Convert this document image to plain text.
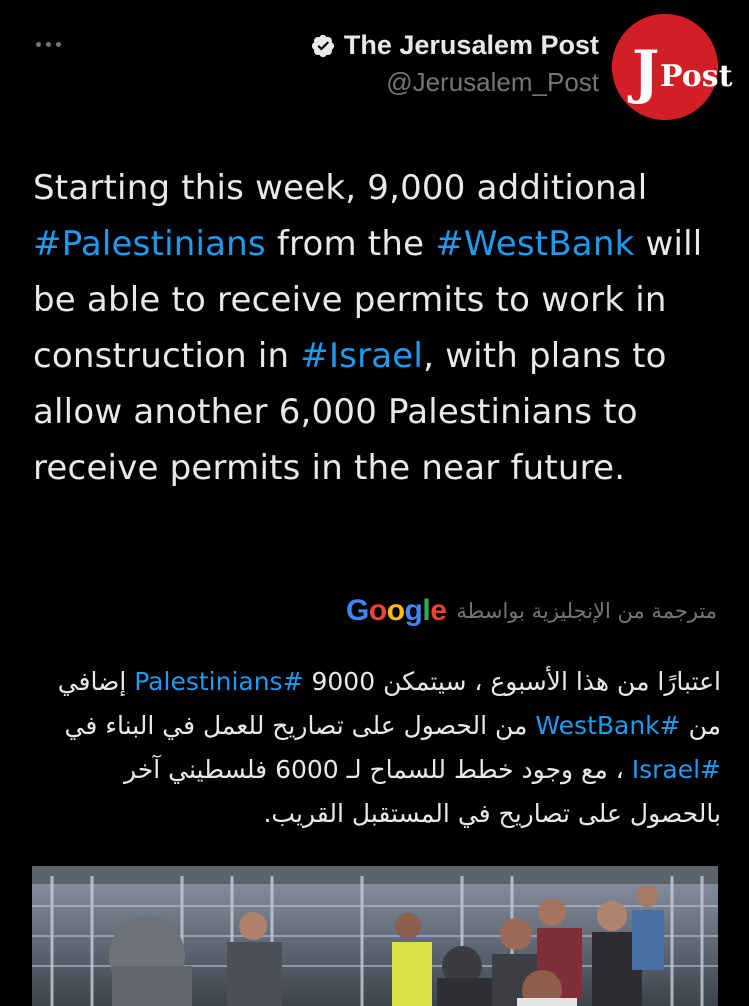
The Jerusalem Post
@Jerusalem_Post J Post
Starting this week, 9,000 additional #Palestinians from the #WestBank will be able to receive permits to work in construction in #Israel, with plans to allow another 6,000 Palestinians to receive permits in the near future.
مترجمة من الإنجليزية بواسطة
Google
اعتبارًا من هذا الأسبوع ، سيتمكن 9000 #Palestinians إضافي من #WestBank من الحصول على تصاريح للعمل في البناء في #Israel ، مع وجود خطط للسماح لـ 6000 فلسطيني آخر بالحصول على تصاريح في المستقبل القريب.
